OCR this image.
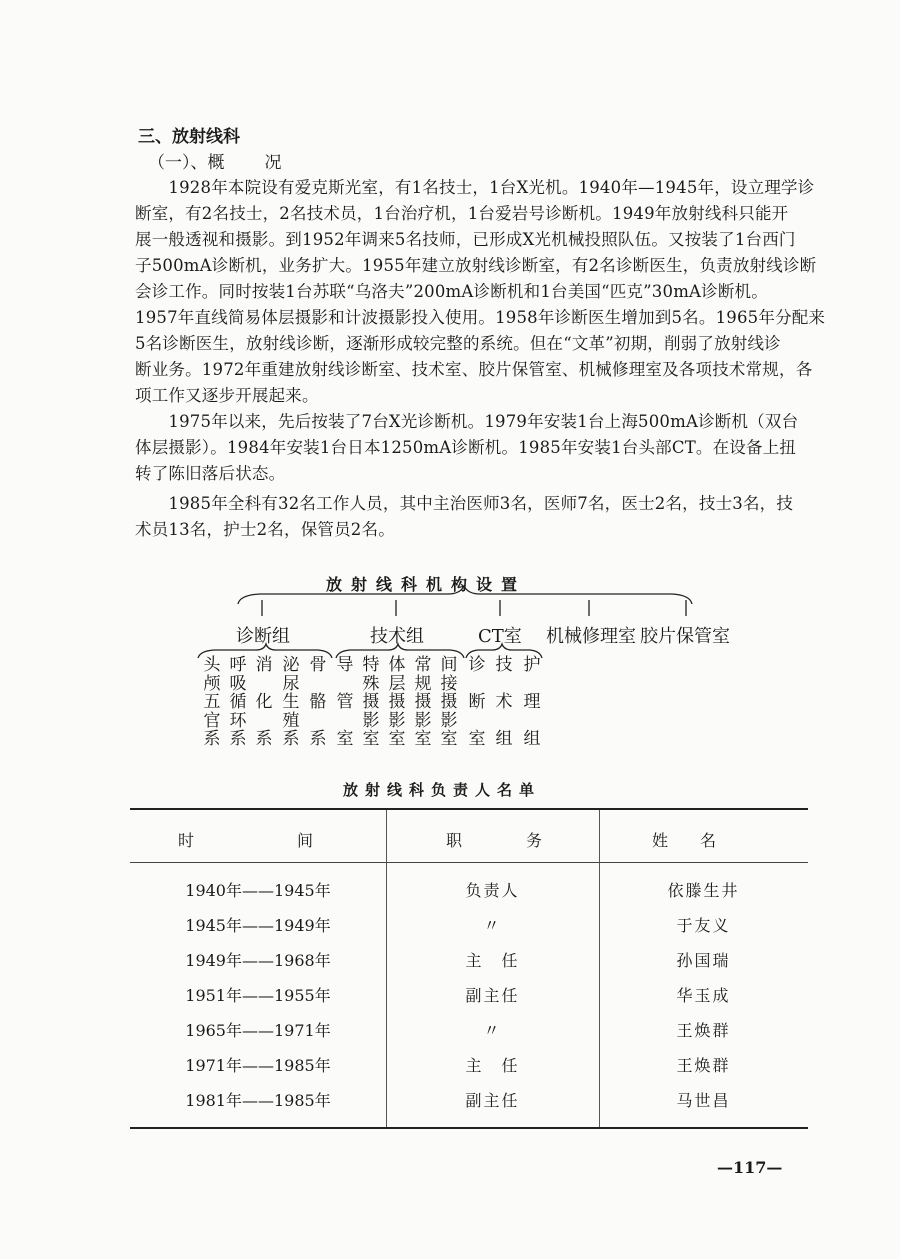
三、放射线科
（一）、概　　况
　　1928年本院设有爱克斯光室，有1名技士，1台X光机。1940年—1945年，设立理学诊
断室，有2名技士，2名技术员，1台治疗机，1台爱岩号诊断机。1949年放射线科只能开
展一般透视和摄影。到1952年调来5名技师，已形成X光机械投照队伍。又按装了1台西门
子500mA诊断机，业务扩大。1955年建立放射线诊断室，有2名诊断医生，负责放射线诊断
会诊工作。同时按装1台苏联“乌洛夫”200mA诊断机和1台美国“匹克”30mA诊断机。
1957年直线简易体层摄影和计波摄影投入使用。1958年诊断医生增加到5名。1965年分配来
5名诊断医生，放射线诊断，逐渐形成较完整的系统。但在“文革”初期，削弱了放射线诊
断业务。1972年重建放射线诊断室、技术室、胶片保管室、机械修理室及各项技术常规，各
项工作又逐步开展起来。
　　1975年以来，先后按装了7台X光诊断机。1979年安装1台上海500mA诊断机（双台
体层摄影）。1984年安装1台日本1250mA诊断机。1985年安装1台头部CT。在设备上扭
转了陈旧落后状态。
　　1985年全科有32名工作人员，其中主治医师3名，医师7名，医士2名，技士3名，技
术员13名，护士2名，保管员2名。
放射线科机构设置
诊断组	技术组	CT室 机械修理室 胶片保管室
头
颅
五
官
系
呼
吸
循
环
系
消

化

系
泌
尿
生
殖
系
骨

骼

系
导

管

室
特
殊
摄
影
室
体
层
摄
影
室
常
规
摄
影
室
间
接
摄
影
室
诊

断

室
技

术

组
护

理

组
放射线科负责人名单
时　　　　　　间	职　　　　务	姓　　名
1940年——1945年	负责人	依滕生井
1945年——1949年	〃	于友义
1949年——1968年	主　任	孙国瑞
1951年——1955年	副主任	华玉成
1965年——1971年	〃	王焕群
1971年——1985年	主　任	王焕群
1981年——1985年	副主任	马世昌
—117—
